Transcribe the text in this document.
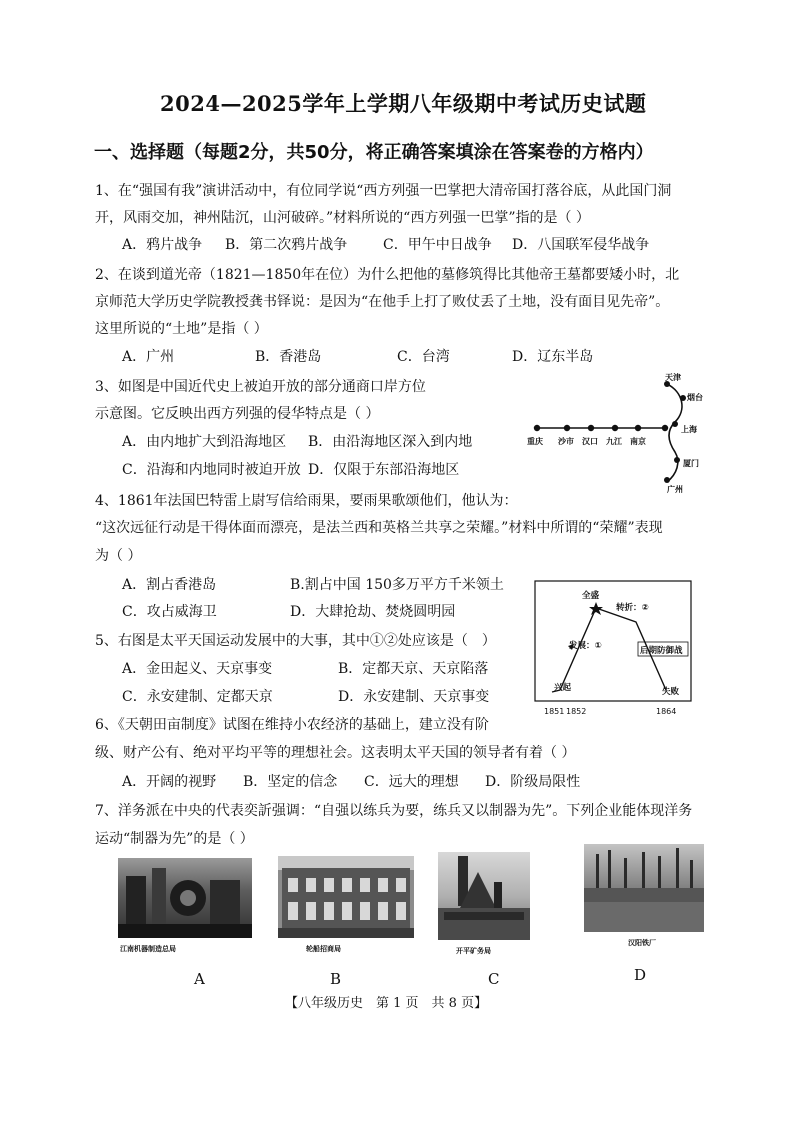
2024—2025学年上学期八年级期中考试历史试题
一、选择题（每题2分，共50分，将正确答案填涂在答案卷的方格内）
1、在“强国有我”演讲活动中，有位同学说“西方列强一巴掌把大清帝国打落谷底，从此国门洞
开，风雨交加，神州陆沉，山河破碎。”材料所说的“西方列强一巴掌”指的是（ ）
A．鸦片战争 B．第二次鸦片战争	C．甲午中日战争 D．八国联军侵华战争
2、在谈到道光帝（1821—1850年在位）为什么把他的墓修筑得比其他帝王墓都要矮小时，北
京师范大学历史学院教授龚书铎说：是因为“在他手上打了败仗丢了土地，没有面目见先帝”。
这里所说的“土地”是指（ ）
A．广州	B．香港岛	C．台湾	D．辽东半岛
3、如图是中国近代史上被迫开放的部分通商口岸方位
示意图。它反映出西方列强的侵华特点是（ ）
A．由内地扩大到沿海地区 B．由沿海地区深入到内地
C．沿海和内地同时被迫开放 D．仅限于东部沿海地区
天津
烟台
重庆 沙市 汉口 九江 南京
上海
厦门
广州
4、1861年法国巴特雷上尉写信给雨果，要雨果歌颂他们，他认为：
“这次远征行动是干得体面而漂亮，是法兰西和英格兰共享之荣耀。”材料中所谓的“荣耀”表现
为（ ）
A．割占香港岛	B.割占中国 150多万平方千米领土
C．攻占威海卫	D．大肆抢劫、焚烧圆明园
5、右图是太平天国运动发展中的大事，其中①②处应该是（　）
A．金田起义、天京事变	B．定都天京、天京陷落
C．永安建制、定都天京	D．永安建制、天京事变
全盛
转折：②
发展：①	后期防御战
兴起	失败
1851 1852	1864
6、《天朝田亩制度》试图在维持小农经济的基础上，建立没有阶
级、财产公有、绝对平均平等的理想社会。这表明太平天国的领导者有着（ ）
A．开阔的视野 B．坚定的信念 C．远大的理想 D．阶级局限性
7、洋务派在中央的代表奕訢强调：“自强以练兵为要，练兵又以制器为先”。下列企业能体现洋务
运动“制器为先”的是（ ）
江南机器制造总局
A
轮船招商局
B
开平矿务局
C
汉阳铁厂
D
【八年级历史　第 1 页　共 8 页】
